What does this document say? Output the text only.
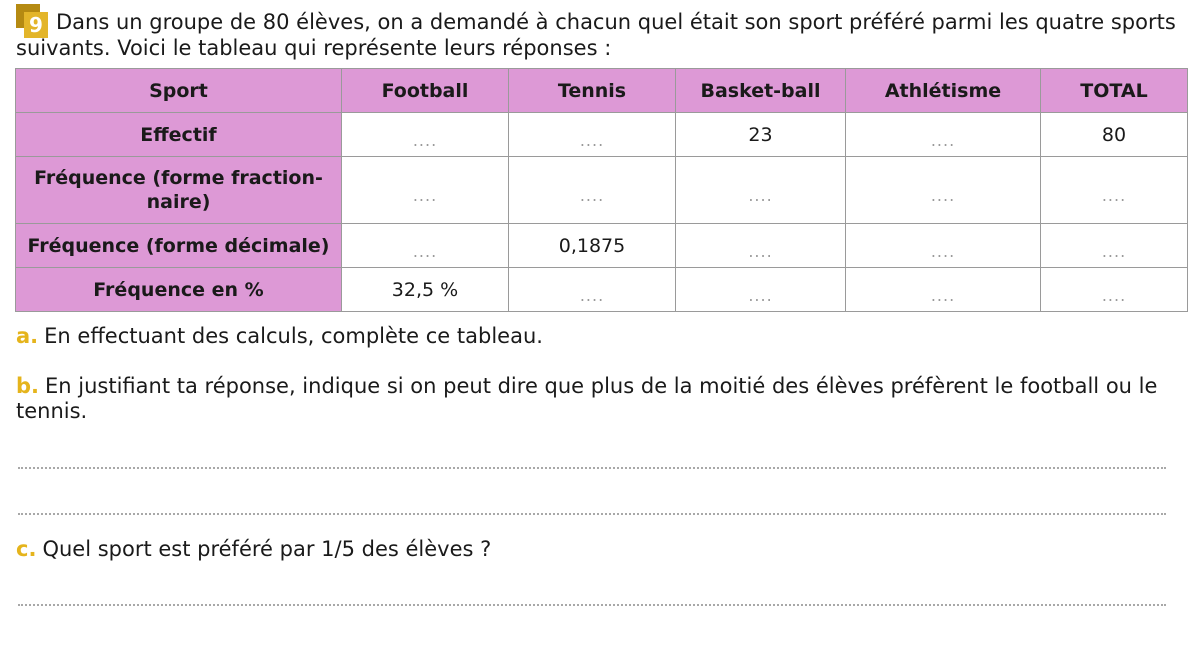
9 Dans un groupe de 80 élèves, on a demandé à chacun quel était son sport préféré parmi les quatre sports suivants. Voici le tableau qui représente leurs réponses :

Sport	Football	Tennis	Basket-ball	Athlétisme	TOTAL
Effectif	$_{....}$	$_{....}$	23	$_{....}$	80
Fréquence (forme fraction-
naire)	$_{....}$	$_{....}$	$_{....}$	$_{....}$	$_{....}$
Fréquence (forme décimale)	$_{....}$	0,1875	$_{....}$	$_{....}$	$_{....}$
Fréquence en %	32,5 %	$_{....}$	$_{....}$	$_{....}$	$_{....}$

a. En effectuant des calculs, complète ce tableau.

b. En justifiant ta réponse, indique si on peut dire que plus de la moitié des élèves préfèrent le football ou le tennis.

c. Quel sport est préféré par 1/5 des élèves ?
